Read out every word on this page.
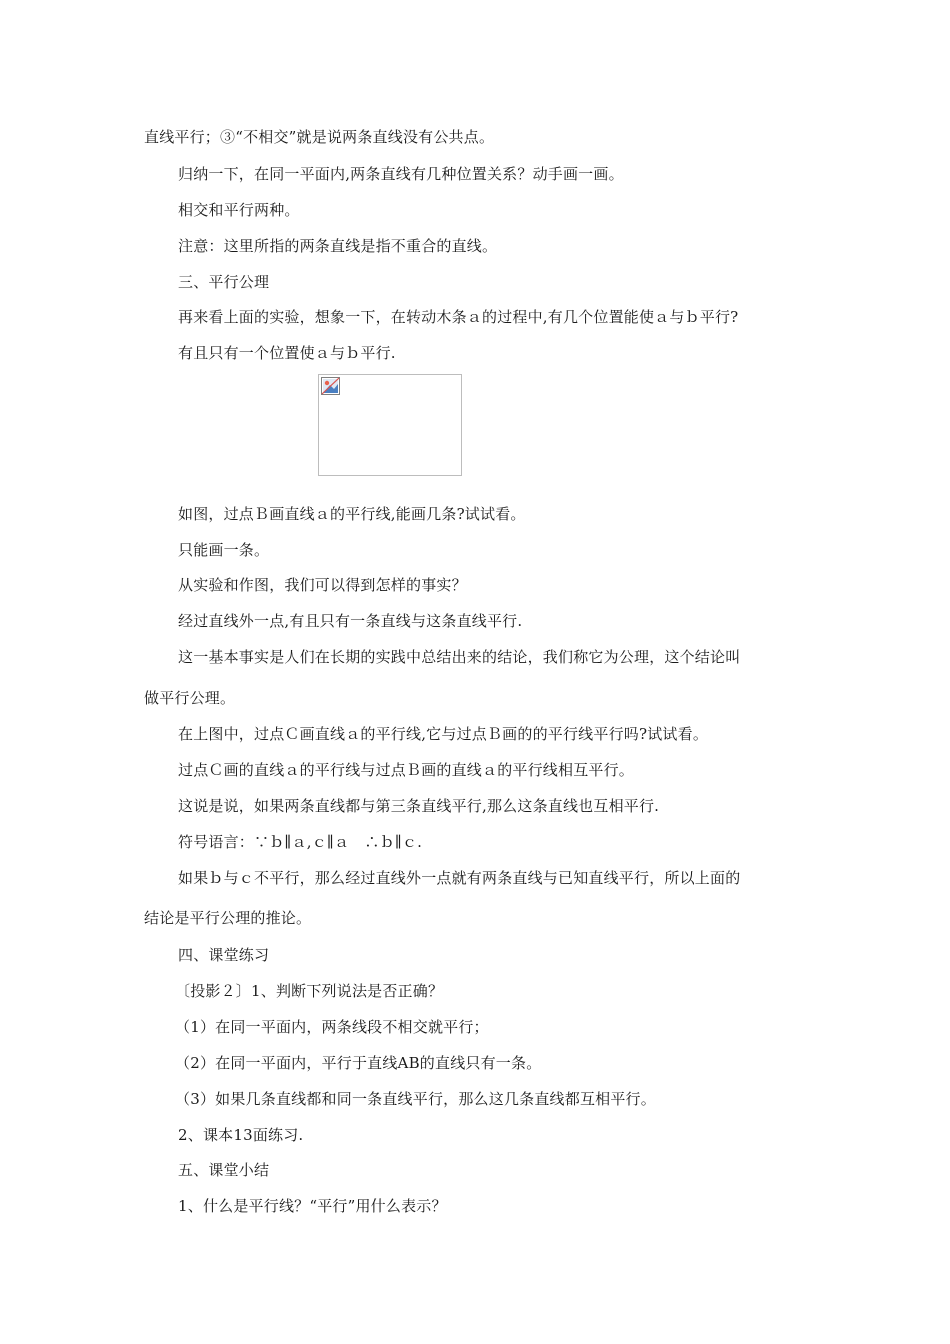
直线平行；③“不相交”就是说两条直线没有公共点。
归纳一下，在同一平面内,两条直线有几种位置关系？动手画一画。
相交和平行两种。
注意：这里所指的两条直线是指不重合的直线。
三、平行公理
再来看上面的实验，想象一下，在转动木条ａ的过程中,有几个位置能使ａ与ｂ平行?
有且只有一个位置使ａ与ｂ平行.
如图，过点Ｂ画直线ａ的平行线,能画几条?试试看。
只能画一条。
从实验和作图，我们可以得到怎样的事实？
经过直线外一点,有且只有一条直线与这条直线平行.
这一基本事实是人们在长期的实践中总结出来的结论，我们称它为公理，这个结论叫
做平行公理。
在上图中，过点Ｃ画直线ａ的平行线,它与过点Ｂ画的的平行线平行吗?试试看。
过点Ｃ画的直线ａ的平行线与过点Ｂ画的直线ａ的平行线相互平行。
这说是说，如果两条直线都与第三条直线平行,那么这条直线也互相平行.
符号语言：∵ｂ∥ａ,ｃ∥ａ　∴ｂ∥ｃ.
如果ｂ与ｃ不平行，那么经过直线外一点就有两条直线与已知直线平行，所以上面的
结论是平行公理的推论。
四、课堂练习
〔投影２〕1、判断下列说法是否正确？
（1）在同一平面内，两条线段不相交就平行；
（2）在同一平面内，平行于直线AB的直线只有一条。
（3）如果几条直线都和同一条直线平行，那么这几条直线都互相平行。
2、课本13面练习.
五、课堂小结
1、什么是平行线？“平行”用什么表示？
